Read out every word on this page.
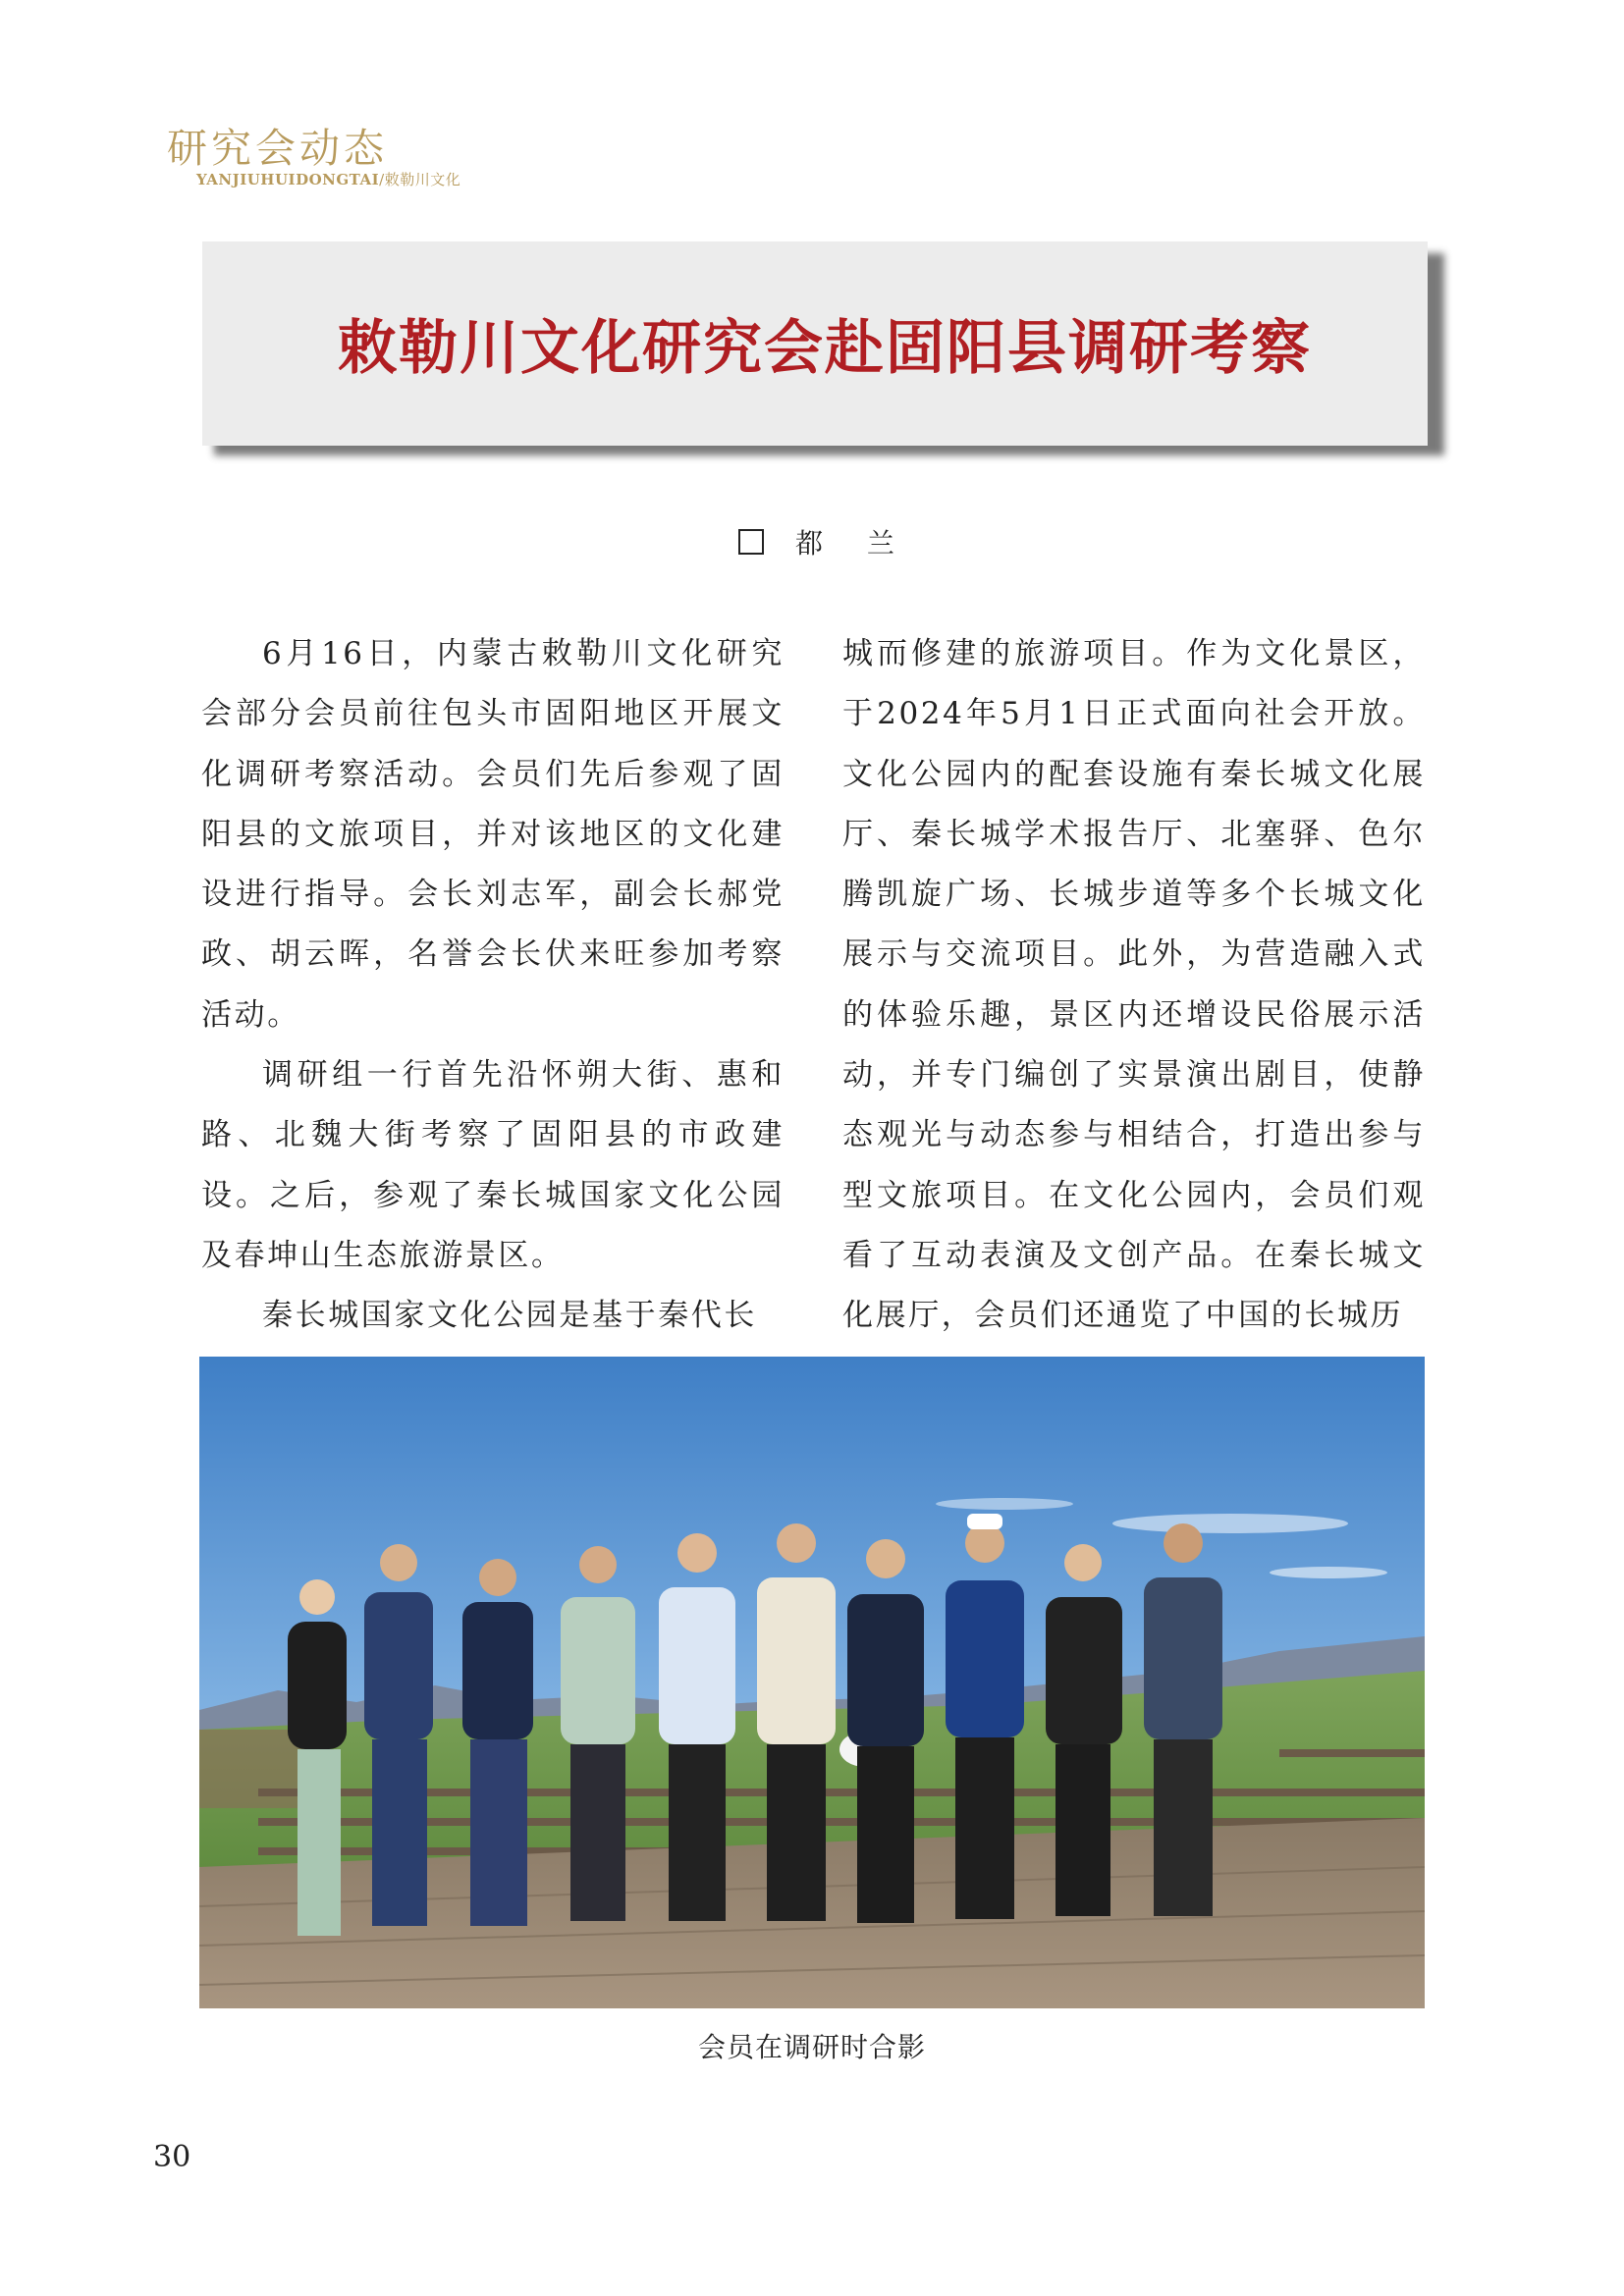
研究会动态
YANJIUHUIDONGTAI/敕勒川文化
敕勒川文化研究会赴固阳县调研考察
都 兰

6月16日，内蒙古敕勒川文化研究会部分会员前往包头市固阳地区开展文化调研考察活动。会员们先后参观了固阳县的文旅项目，并对该地区的文化建设进行指导。会长刘志军，副会长郝党政、胡云晖，名誉会长伏来旺参加考察活动。

调研组一行首先沿怀朔大街、惠和路、北魏大街考察了固阳县的市政建设。之后，参观了秦长城国家文化公园及春坤山生态旅游景区。

秦长城国家文化公园是基于秦代长

城而修建的旅游项目。作为文化景区，于2024年5月1日正式面向社会开放。文化公园内的配套设施有秦长城文化展厅、秦长城学术报告厅、北塞驿、色尔腾凯旋广场、长城步道等多个长城文化展示与交流项目。此外，为营造融入式的体验乐趣，景区内还增设民俗展示活动，并专门编创了实景演出剧目，使静态观光与动态参与相结合，打造出参与型文旅项目。在文化公园内，会员们观看了互动表演及文创产品。在秦长城文化展厅，会员们还通览了中国的长城历

会员在调研时合影
30
